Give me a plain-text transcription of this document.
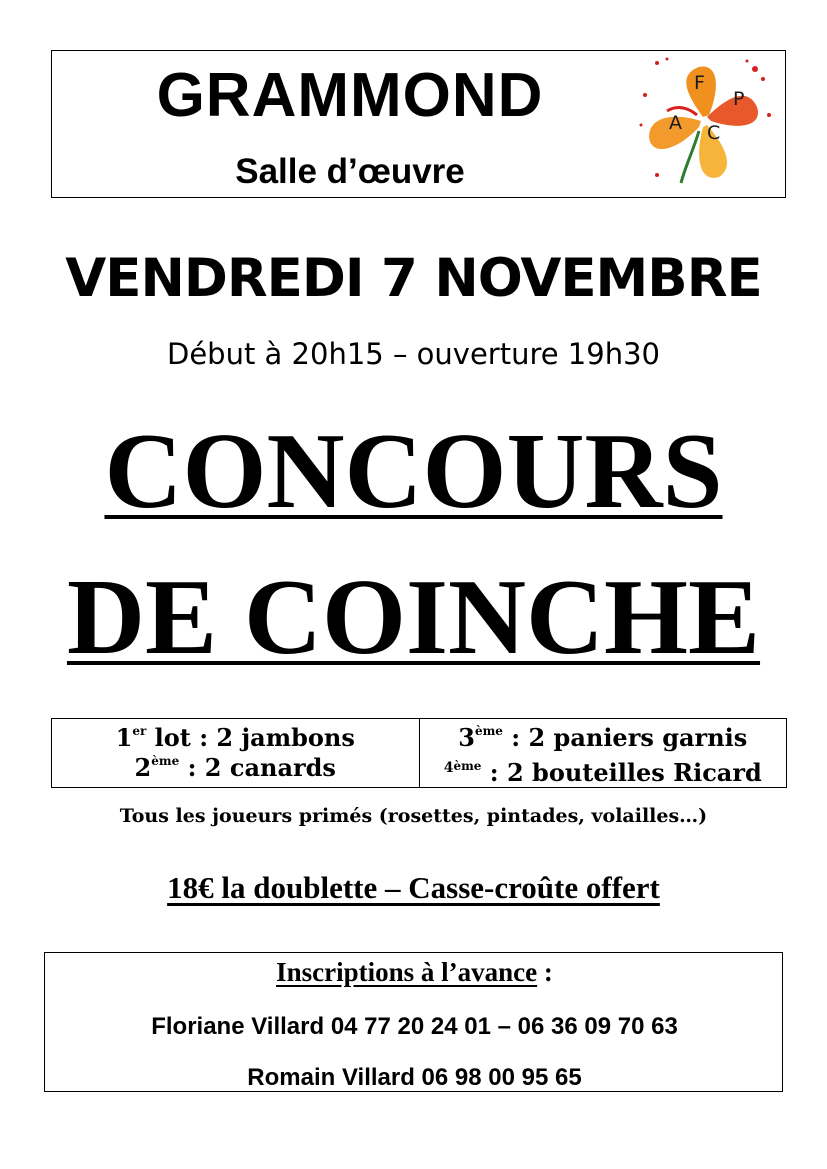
GRAMMOND
Salle d’œuvre
F
P
A C
VENDREDI 7 NOVEMBRE
Début à 20h15 – ouverture 19h30
CONCOURS
DE COINCHE
1er lot : 2 jambons
2ème : 2 canards
3ème : 2 paniers garnis
$^{4ème}$ : 2 bouteilles Ricard
Tous les joueurs primés (rosettes, pintades, volailles…)
18€ la doublette – Casse-croûte offert
Inscriptions à l’avance :
Floriane Villard 04 77 20 24 01 – 06 36 09 70 63
Romain Villard 06 98 00 95 65
